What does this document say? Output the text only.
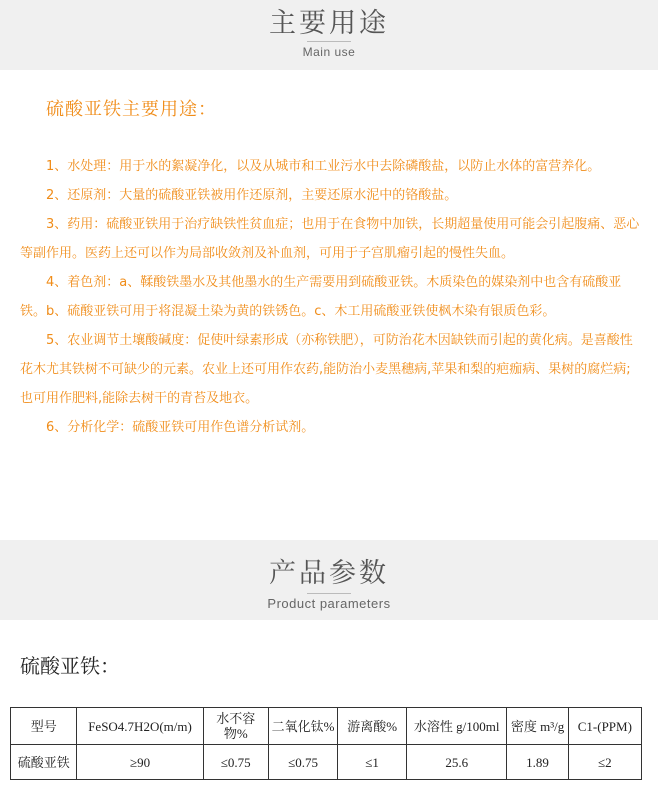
主要用途
Main use
硫酸亚铁主要用途：

1、水处理：用于水的絮凝净化，以及从城市和工业污水中去除磷酸盐，以防止水体的富营养化。

2、还原剂：大量的硫酸亚铁被用作还原剂，主要还原水泥中的铬酸盐。

3、药用：硫酸亚铁用于治疗缺铁性贫血症；也用于在食物中加铁，长期超量使用可能会引起腹痛、恶心等副作用。医药上还可以作为局部收敛剂及补血剂，可用于子宫肌瘤引起的慢性失血。

4、着色剂：a、鞣酸铁墨水及其他墨水的生产需要用到硫酸亚铁。木质染色的媒染剂中也含有硫酸亚铁。b、硫酸亚铁可用于将混凝土染为黄的铁锈色。c、木工用硫酸亚铁使枫木染有银质色彩。

5、农业调节土壤酸碱度：促使叶绿素形成（亦称铁肥），可防治花木因缺铁而引起的黄化病。是喜酸性花木尤其铁树不可缺少的元素。农业上还可用作农药,能防治小麦黑穗病,苹果和梨的疤痂病、果树的腐烂病;也可用作肥料,能除去树干的青苔及地衣。

6、分析化学：硫酸亚铁可用作色谱分析试剂。

产品参数
Product parameters
硫酸亚铁：
型号	FeSO4.7H2O(m/m)	水不容物%	二氧化钛%	游离酸%	水溶性 g/100ml	密度 m³/g	C1-(PPM)
硫酸亚铁	≥90	≤0.75	≤0.75	≤1	25.6	1.89	≤2
